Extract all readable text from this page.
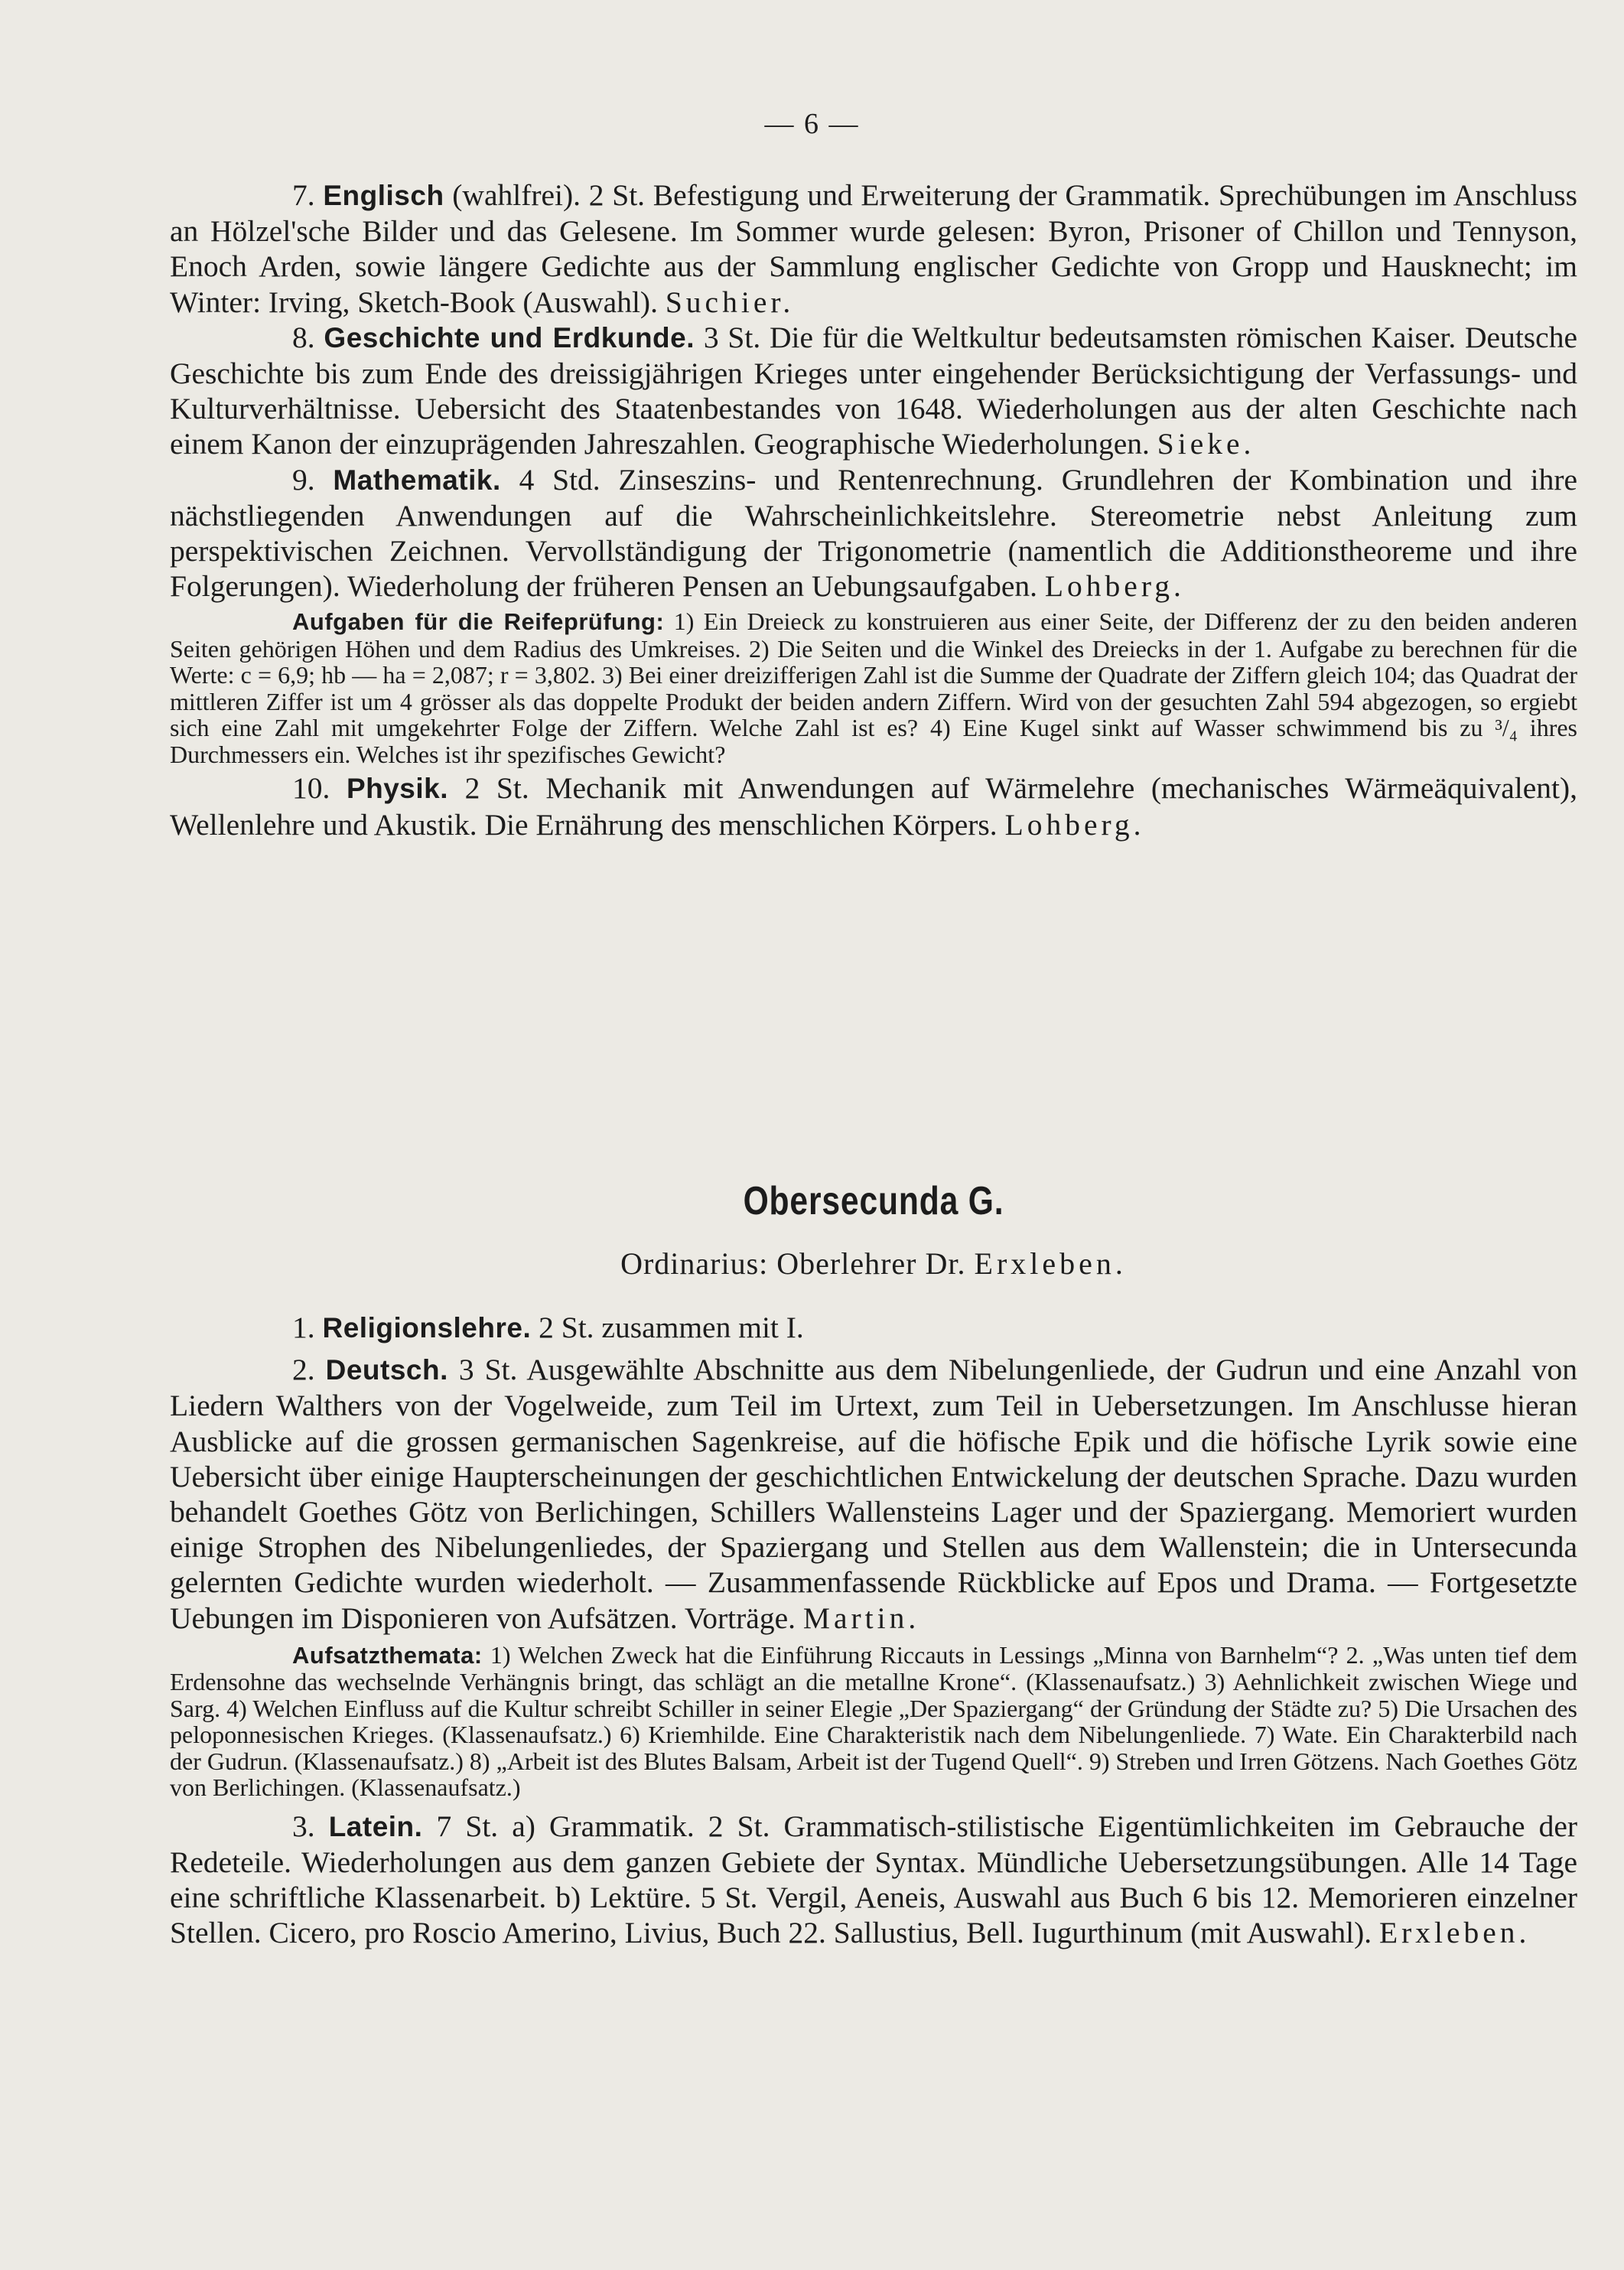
— 6 —

7. Englisch (wahlfrei). 2 St. Befestigung und Erweiterung der Grammatik. Sprechübungen im Anschluss an Hölzel'sche Bilder und das Gelesene. Im Sommer wurde gelesen: Byron, Prisoner of Chillon und Tennyson, Enoch Arden, sowie längere Gedichte aus der Sammlung englischer Gedichte von Gropp und Hausknecht; im Winter: Irving, Sketch-Book (Auswahl). Suchier.

8. Geschichte und Erdkunde. 3 St. Die für die Weltkultur bedeutsamsten römischen Kaiser. Deutsche Geschichte bis zum Ende des dreissigjährigen Krieges unter eingehender Berücksichtigung der Verfassungs- und Kulturverhältnisse. Uebersicht des Staatenbestandes von 1648. Wiederholungen aus der alten Geschichte nach einem Kanon der einzuprägenden Jahreszahlen. Geographische Wiederholungen. Sieke.

9. Mathematik. 4 Std. Zinseszins- und Rentenrechnung. Grundlehren der Kombination und ihre nächstliegenden Anwendungen auf die Wahrscheinlichkeitslehre. Stereometrie nebst Anleitung zum perspektivischen Zeichnen. Vervollständigung der Trigonometrie (namentlich die Additionstheoreme und ihre Folgerungen). Wiederholung der früheren Pensen an Uebungsaufgaben. Lohberg.

Aufgaben für die Reifeprüfung: 1) Ein Dreieck zu konstruieren aus einer Seite, der Differenz der zu den beiden anderen Seiten gehörigen Höhen und dem Radius des Umkreises. 2) Die Seiten und die Winkel des Dreiecks in der 1. Aufgabe zu berechnen für die Werte: c = 6,9; hb — ha = 2,087; r = 3,802. 3) Bei einer dreizifferigen Zahl ist die Summe der Quadrate der Ziffern gleich 104; das Quadrat der mittleren Ziffer ist um 4 grösser als das doppelte Produkt der beiden andern Ziffern. Wird von der gesuchten Zahl 594 abgezogen, so ergiebt sich eine Zahl mit umgekehrter Folge der Ziffern. Welche Zahl ist es? 4) Eine Kugel sinkt auf Wasser schwimmend bis zu ³/₄ ihres Durchmessers ein. Welches ist ihr spezifisches Gewicht?

10. Physik. 2 St. Mechanik mit Anwendungen auf Wärmelehre (mechanisches Wärmeäquivalent), Wellenlehre und Akustik. Die Ernährung des menschlichen Körpers. Lohberg.

Obersecunda G.
Ordinarius: Oberlehrer Dr. Erxleben.

1. Religionslehre. 2 St. zusammen mit I.

2. Deutsch. 3 St. Ausgewählte Abschnitte aus dem Nibelungenliede, der Gudrun und eine Anzahl von Liedern Walthers von der Vogelweide, zum Teil im Urtext, zum Teil in Uebersetzungen. Im Anschlusse hieran Ausblicke auf die grossen germanischen Sagenkreise, auf die höfische Epik und die höfische Lyrik sowie eine Uebersicht über einige Haupterscheinungen der geschichtlichen Entwickelung der deutschen Sprache. Dazu wurden behandelt Goethes Götz von Berlichingen, Schillers Wallensteins Lager und der Spaziergang. Memoriert wurden einige Strophen des Nibelungenliedes, der Spaziergang und Stellen aus dem Wallenstein; die in Untersecunda gelernten Gedichte wurden wiederholt. — Zusammenfassende Rückblicke auf Epos und Drama. — Fortgesetzte Uebungen im Disponieren von Aufsätzen. Vorträge. Martin.

Aufsatzthemata: 1) Welchen Zweck hat die Einführung Riccauts in Lessings „Minna von Barnhelm“? 2. „Was unten tief dem Erdensohne das wechselnde Verhängnis bringt, das schlägt an die metallne Krone“. (Klassenaufsatz.) 3) Aehnlichkeit zwischen Wiege und Sarg. 4) Welchen Einfluss auf die Kultur schreibt Schiller in seiner Elegie „Der Spaziergang“ der Gründung der Städte zu? 5) Die Ursachen des peloponnesischen Krieges. (Klassenaufsatz.) 6) Kriemhilde. Eine Charakteristik nach dem Nibelungenliede. 7) Wate. Ein Charakterbild nach der Gudrun. (Klassenaufsatz.) 8) „Arbeit ist des Blutes Balsam, Arbeit ist der Tugend Quell“. 9) Streben und Irren Götzens. Nach Goethes Götz von Berlichingen. (Klassenaufsatz.)

3. Latein. 7 St. a) Grammatik. 2 St. Grammatisch-stilistische Eigentümlichkeiten im Gebrauche der Redeteile. Wiederholungen aus dem ganzen Gebiete der Syntax. Mündliche Uebersetzungsübungen. Alle 14 Tage eine schriftliche Klassenarbeit. b) Lektüre. 5 St. Vergil, Aeneis, Auswahl aus Buch 6 bis 12. Memorieren einzelner Stellen. Cicero, pro Roscio Amerino, Livius, Buch 22. Sallustius, Bell. Iugurthinum (mit Auswahl). Erxleben.
